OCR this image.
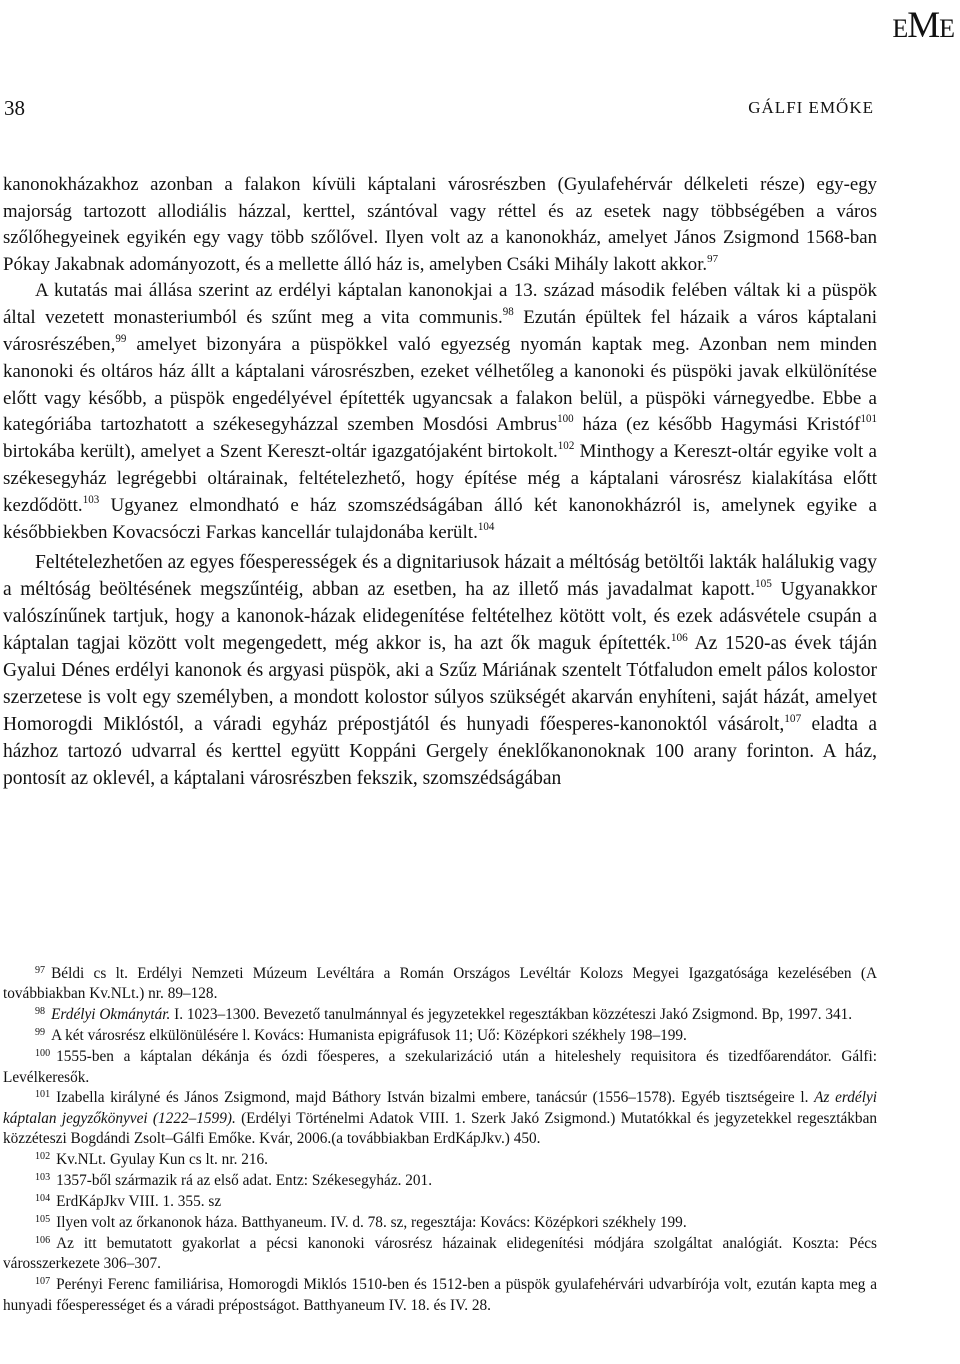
EME
38	GÁLFI EMŐKE

kanonokházakhoz azonban a falakon kívüli káptalani városrészben (Gyulafehérvár délkeleti része) egy-egy majorság tartozott allodiális házzal, kerttel, szántóval vagy réttel és az esetek nagy többségében a város szőlőhegyeinek egyikén egy vagy több szőlővel. Ilyen volt az a kanonokház, amelyet János Zsigmond 1568-ban Pókay Jakabnak adományozott, és a mellette álló ház is, amelyben Csáki Mihály lakott akkor.$^{97}$

A kutatás mai állása szerint az erdélyi káptalan kanonokjai a 13. század második felében váltak ki a püspök által vezetett monasteriumból és szűnt meg a vita communis.$^{98}$ Ezután épültek fel házaik a város káptalani városrészében,$^{99}$ amelyet bizonyára a püspökkel való egyezség nyomán kaptak meg. Azonban nem minden kanonoki és oltáros ház állt a káptalani városrészben, ezeket vélhetőleg a kanonoki és püspöki javak elkülönítése előtt vagy később, a püspök engedélyével építették ugyancsak a falakon belül, a püspöki várnegyedbe. Ebbe a kategóriába tartozhatott a székesegyházzal szemben Mosdósi Ambrus$^{100}$ háza (ez később Hagymási Kristóf$^{101}$ birtokába került), amelyet a Szent Kereszt-oltár igazgatójaként birtokolt.$^{102}$ Minthogy a Kereszt-oltár egyike volt a székesegyház legrégebbi oltárainak, feltételezhető, hogy építése még a káptalani városrész kialakítása előtt kezdődött.$^{103}$ Ugyanez elmondható e ház szomszédságában álló két kanonokházról is, amelynek egyike a későbbiekben Kovacsóczi Farkas kancellár tulajdonába került.$^{104}$

Feltételezhetően az egyes főesperességek és a dignitariusok házait a méltóság betöltői lakták halálukig vagy a méltóság beöltésének megszűntéig, abban az esetben, ha az illető más javadalmat kapott.$^{105}$ Ugyanakkor valószínűnek tartjuk, hogy a kanonok-házak elidegenítése feltételhez kötött volt, és ezek adásvétele csupán a káptalan tagjai között volt megengedett, még akkor is, ha azt ők maguk építették.$^{106}$ Az 1520-as évek táján Gyalui Dénes erdélyi kanonok és argyasi püspök, aki a Szűz Máriának szentelt Tótfaludon emelt pálos kolostor szerzetese is volt egy személyben, a mondott kolostor súlyos szükségét akarván enyhíteni, saját házát, amelyet Homorogdi Miklóstól, a váradi egyház prépostjától és hunyadi főesperes-kanonoktól vásárolt,$^{107}$ eladta a házhoz tartozó udvarral és kerttel együtt Koppáni Gergely éneklőkanonoknak 100 arany forinton. A ház, pontosít az oklevél, a káptalani városrészben fekszik, szomszédságában

$^{97}$ Béldi cs lt. Erdélyi Nemzeti Múzeum Levéltára a Román Országos Levéltár Kolozs Megyei Igazgatósága kezelésében (A továbbiakban Kv.NLt.) nr. 89–128.

$^{98}$ Erdélyi Okmánytár. I. 1023–1300. Bevezető tanulmánnyal és jegyzetekkel regesztákban közzéteszi Jakó Zsigmond. Bp, 1997. 341.

$^{99}$ A két városrész elkülönülésére l. Kovács: Humanista epigráfusok 11; Uő: Középkori székhely 198–199.

$^{100}$ 1555-ben a káptalan dékánja és ózdi főesperes, a szekularizáció után a hiteleshely requisitora és tizedfőarendátor. Gálfi: Levélkeresők.

$^{101}$ Izabella királyné és János Zsigmond, majd Báthory István bizalmi embere, tanácsúr (1556–1578). Egyéb tisztségeire l. Az erdélyi káptalan jegyzőkönyvei (1222–1599). (Erdélyi Történelmi Adatok VIII. 1. Szerk Jakó Zsigmond.) Mutatókkal és jegyzetekkel regesztákban közzéteszi Bogdándi Zsolt–Gálfi Emőke. Kvár, 2006.(a továbbiakban ErdKápJkv.) 450.

$^{102}$ Kv.NLt. Gyulay Kun cs lt. nr. 216.

$^{103}$ 1357-ből származik rá az első adat. Entz: Székesegyház. 201.

$^{104}$ ErdKápJkv VIII. 1. 355. sz

$^{105}$ Ilyen volt az őrkanonok háza. Batthyaneum. IV. d. 78. sz, regesztája: Kovács: Középkori székhely 199.

$^{106}$ Az itt bemutatott gyakorlat a pécsi kanonoki városrész házainak elidegenítési módjára szolgáltat analógiát. Koszta: Pécs városszerkezete 306–307.

$^{107}$ Perényi Ferenc familiárisa, Homorogdi Miklós 1510-ben és 1512-ben a püspök gyulafehérvári udvarbírója volt, ezután kapta meg a hunyadi főesperességet és a váradi prépostságot. Batthyaneum IV. 18. és IV. 28.
